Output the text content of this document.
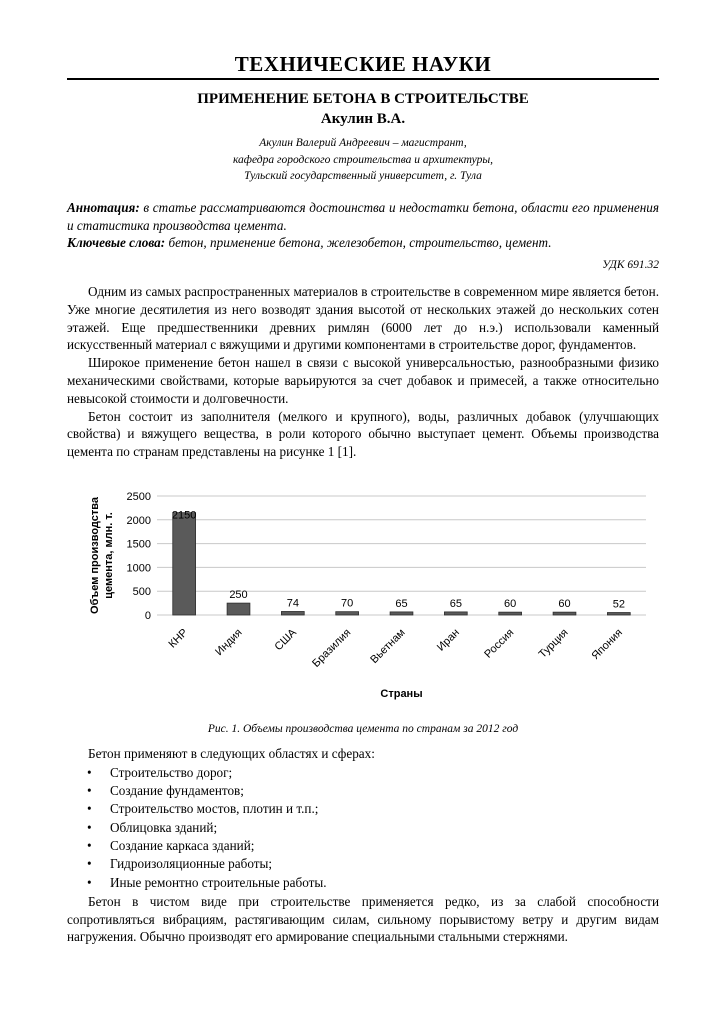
ТЕХНИЧЕСКИЕ НАУКИ
ПРИМЕНЕНИЕ БЕТОНА В СТРОИТЕЛЬСТВЕ
Акулин В.А.
Акулин Валерий Андреевич – магистрант,
кафедра городского строительства и архитектуры,
Тульский государственный университет, г. Тула
Аннотация: в статье рассматриваются достоинства и недостатки бетона, области его применения и статистика производства цемента.
Ключевые слова: бетон, применение бетона, железобетон, строительство, цемент.
УДК 691.32

Одним из самых распространенных материалов в строительстве в современном мире является бетон. Уже многие десятилетия из него возводят здания высотой от нескольких этажей до нескольких сотен этажей. Еще предшественники древних римлян (6000 лет до н.э.) использовали каменный искусственный материал с вяжущими и другими компонентами в строительстве дорог, фундаментов.

Широкое применение бетон нашел в связи с высокой универсальностью, разнообразными физико механическими свойствами, которые варьируются за счет добавок и примесей, а также относительно невысокой стоимости и долговечности.

Бетон состоит из заполнителя (мелкого и крупного), воды, различных добавок (улучшающих свойства) и вяжущего вещества, в роли которого обычно выступает цемент. Объемы производства цемента по странам представлены на рисунке 1 [1].

Рис. 1. Объемы производства цемента по странам за 2012 год

Бетон применяют в следующих областях и сферах:

• Строительство дорог;
• Создание фундаментов;
• Строительство мостов, плотин и т.п.;
• Облицовка зданий;
• Создание каркаса зданий;
• Гидроизоляционные работы;
• Иные ремонтно строительные работы.

Бетон в чистом виде при строительстве применяется редко, из за слабой способности сопротивляться вибрациям, растягивающим силам, сильному порывистому ветру и другим видам нагружения. Обычно производят его армирование специальными стальными стержнями.

0
500
1000
1500
2000
2500
Объем производства цемента, млн. т.	2150
КНР
250
Индия
74
США
70
Бразилия
65
Вьетнам
65
Иран
60
Россия
60
Турция
52
Япония
Страны
